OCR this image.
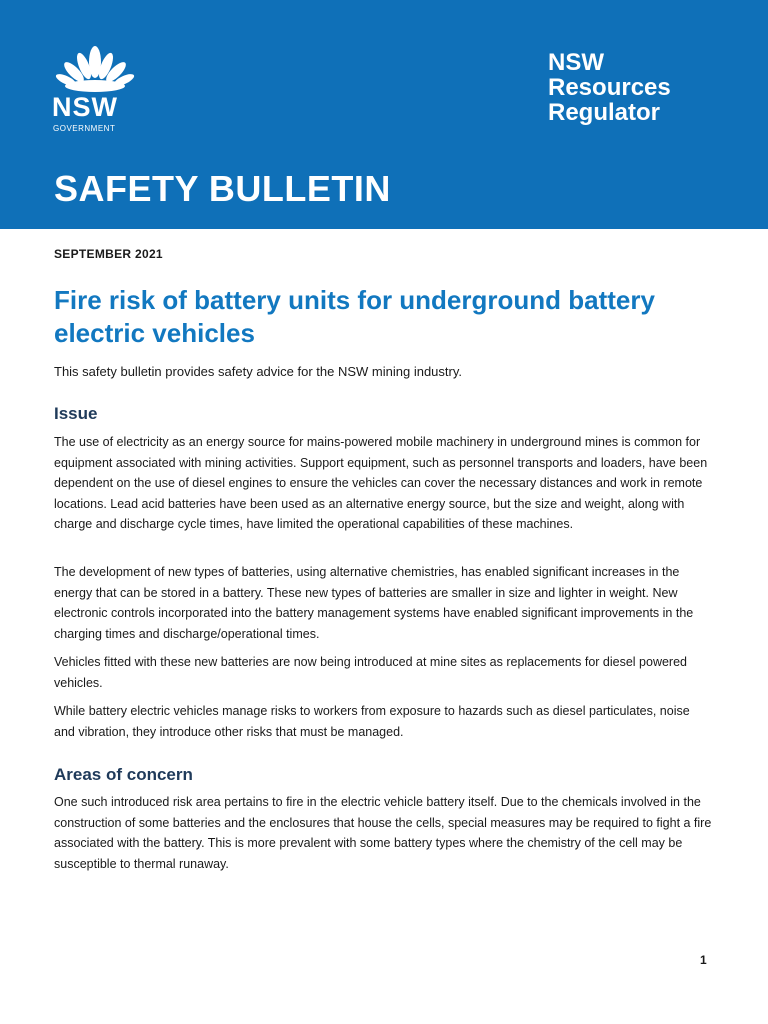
NSW
GOVERNMENT
NSW
Resources
Regulator
SAFETY BULLETIN
SEPTEMBER 2021
Fire risk of battery units for underground battery electric vehicles
This safety bulletin provides safety advice for the NSW mining industry.
Issue
The use of electricity as an energy source for mains-powered mobile machinery in underground mines is common for equipment associated with mining activities. Support equipment, such as personnel transports and loaders, have been dependent on the use of diesel engines to ensure the vehicles can cover the necessary distances and work in remote locations. Lead acid batteries have been used as an alternative energy source, but the size and weight, along with charge and discharge cycle times, have limited the operational capabilities of these machines.
The development of new types of batteries, using alternative chemistries, has enabled significant increases in the energy that can be stored in a battery. These new types of batteries are smaller in size and lighter in weight. New electronic controls incorporated into the battery management systems have enabled significant improvements in the charging times and discharge/operational times.
Vehicles fitted with these new batteries are now being introduced at mine sites as replacements for diesel powered vehicles.
While battery electric vehicles manage risks to workers from exposure to hazards such as diesel particulates, noise and vibration, they introduce other risks that must be managed.
Areas of concern
One such introduced risk area pertains to fire in the electric vehicle battery itself. Due to the chemicals involved in the construction of some batteries and the enclosures that house the cells, special measures may be required to fight a fire associated with the battery. This is more prevalent with some battery types where the chemistry of the cell may be susceptible to thermal runaway.
1
